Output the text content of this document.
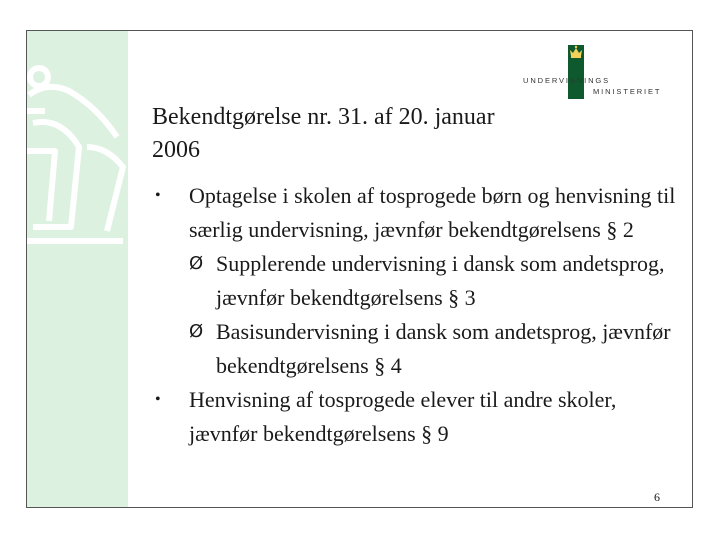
UNDERVISNINGS
MINISTERIET
Bekendtgørelse nr. 31. af 20. januar 2006
• Optagelse i skolen af tosprogede børn og henvisning til særlig undervisning, jævnfør bekendtgørelsens § 2
Ø Supplerende undervisning i dansk som andetsprog, jævnfør bekendtgørelsens § 3
Ø Basisundervisning i dansk som andetsprog, jævnfør bekendtgørelsens § 4
• Henvisning af tosprogede elever til andre skoler, jævnfør bekendtgørelsens § 9
6
